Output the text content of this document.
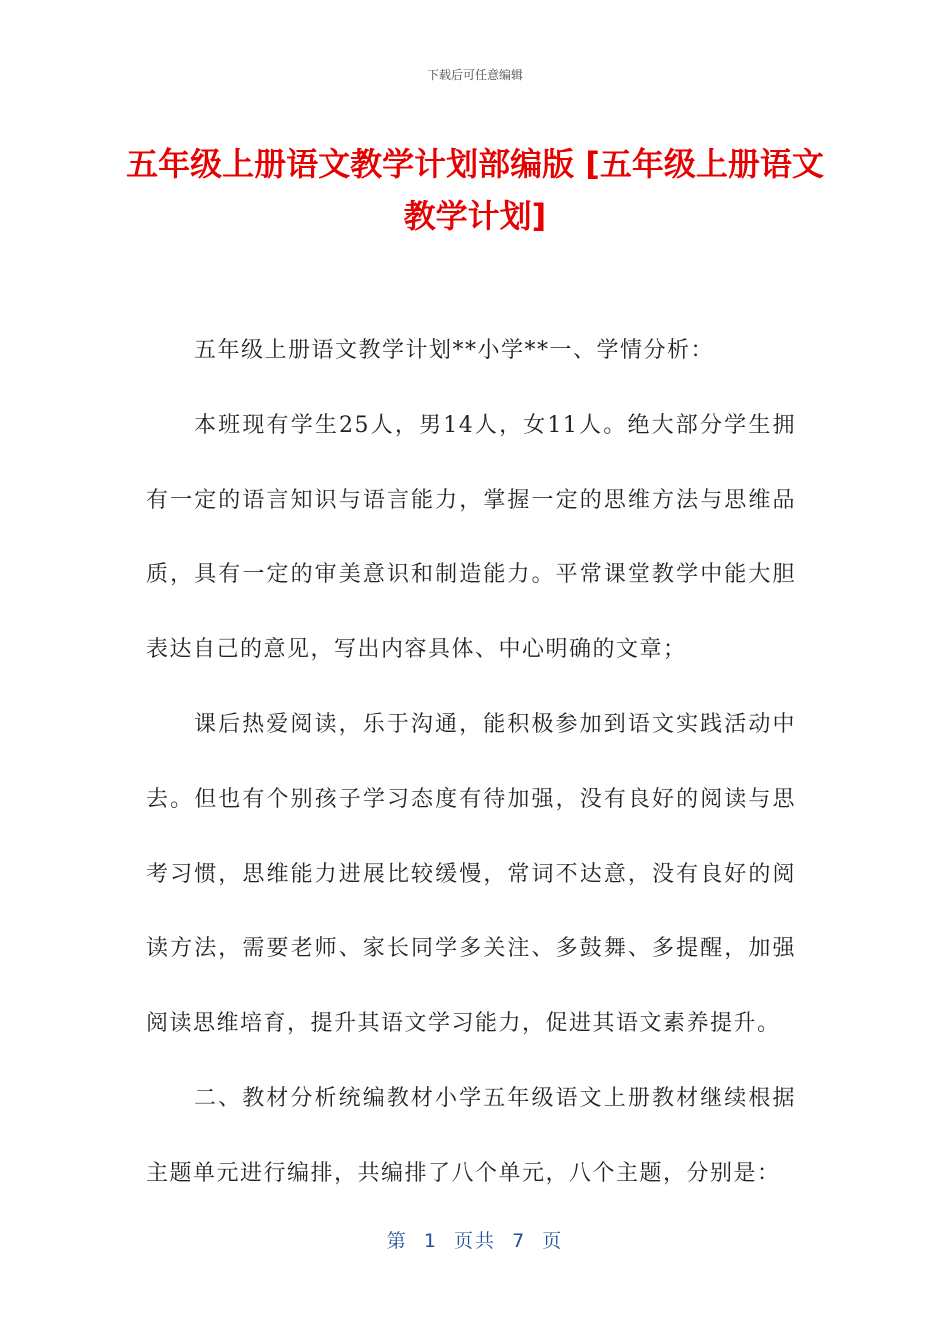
下载后可任意编辑
五年级上册语文教学计划部编版 [五年级上册语文教学计划]

五年级上册语文教学计划**小学**一、学情分析：

本班现有学生25人，男14人，女11人。绝大部分学生拥有一定的语言知识与语言能力，掌握一定的思维方法与思维品质，具有一定的审美意识和制造能力。平常课堂教学中能大胆表达自己的意见，写出内容具体、中心明确的文章；

课后热爱阅读，乐于沟通，能积极参加到语文实践活动中去。但也有个别孩子学习态度有待加强，没有良好的阅读与思考习惯，思维能力进展比较缓慢，常词不达意，没有良好的阅读方法，需要老师、家长同学多关注、多鼓舞、多提醒，加强阅读思维培育，提升其语文学习能力，促进其语文素养提升。

二、教材分析统编教材小学五年级语文上册教材继续根据主题单元进行编排，共编排了八个单元，八个主题，分别是：

第  1  页共  7  页
